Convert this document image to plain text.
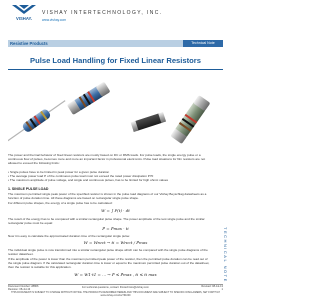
VISHAY.
VISHAY INTERTECHNOLOGY, INC.
www.vishay.com
Resistive Products	Technical Note
Pulse Load Handling for Fixed Linear Resistors
The power and thermal behavior of fixed linear resistors are mostly based on DC or RMS loads. For pulse loads, the single energy pulse or a continuous flow of pulses, becomes more and more an important factor in professional electronics. Pulse load situations for film resistors are not allowed to exceed the following limits:
• Single pulses have to be limited in peak power for a given pulse duration
• The average power load P of the continuous pulse load must not exceed the rated power dissipation P70
• The maximum amplitude of pulse voltage, and single and continuous pulses, has to be limited for high ohmic values
1. SINGLE PULSE LOAD
The maximum permitted single peak power of the specified resistor is shown in the pulse load diagrams of our Vishay Beyschlag datasheets as a function of pulse duration time. All these diagrams are based on rectangular single pulse shape.
For different pulse shapes, the energy of a single pulse has to be calculated:
W = ∫ P(t) · dt
The result of the energy has to be compared with a similar rectangular pulse shape. The power amplitude of the test single pulse and the similar rectangular pulse must be equal:
P̂ = P̂max · ti
Now it is easy to calculate the approximated duration time of the rectangular single pulse:
W = Wrect → ti = Wrect / P̂max
The individual single pulse is now transformed into a similar rectangular pulse shape which can be compared with the single pulse diagrams of the resistor datasheet.
If the amplitude of the power is lower than the maximum permitted peak power of the resistor, then the permitted pulse duration can be read out of the single pulse diagram. If the calculated rectangular duration time is lower or equal to the maximum permitted pulse duration out of the datasheet, then the resistor is suitable for this application.
W = W1·t1 = ... → P̂ ≤ P̂max , ti ≤ ti max	TECHNICAL NOTE
Document Number: 28806
Revision: 08-Jul-13
For technical questions, contact: filmtechnics@vishay.com	Revised: 08-Jul-13
1
THIS DOCUMENT IS SUBJECT TO CHANGE WITHOUT NOTICE. THE PRODUCTS DESCRIBED HEREIN AND THIS DOCUMENT ARE SUBJECT TO SPECIFIC DISCLAIMERS, SET FORTH AT www.vishay.com/doc?91000
